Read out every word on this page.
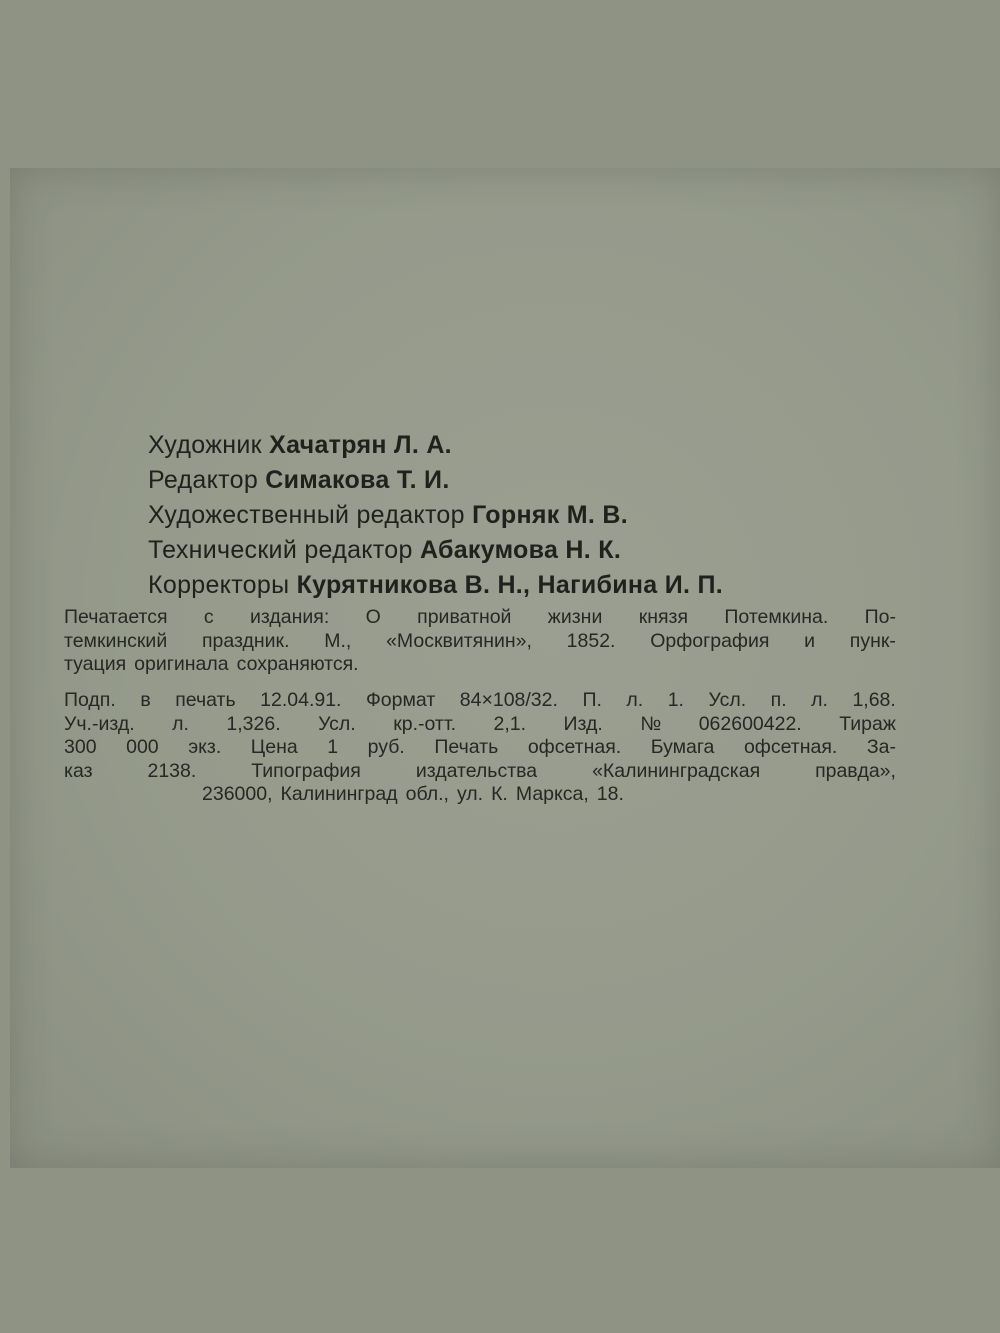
Художник Хачатрян Л. А.
Редактор Симакова Т. И.
Художественный редактор Горняк М. В.
Технический редактор Абакумова Н. К.
Корректоры Курятникова В. Н., Нагибина И. П.
Печатается с издания: О приватной жизни князя Потемкина. По-
темкинский праздник. М., «Москвитянин», 1852. Орфография и пунк-
туация оригинала сохраняются.
Подп. в печать 12.04.91. Формат 84×108/32. П. л. 1. Усл. п. л. 1,68.
Уч.-изд. л. 1,326. Усл. кр.-отт. 2,1. Изд. № 062600422. Тираж
300 000 экз. Цена 1 руб. Печать офсетная. Бумага офсетная. За-
каз	2138.	Типография	издательства	«Калининградская	правда»,
236000, Калининград обл., ул. К. Маркса, 18.
